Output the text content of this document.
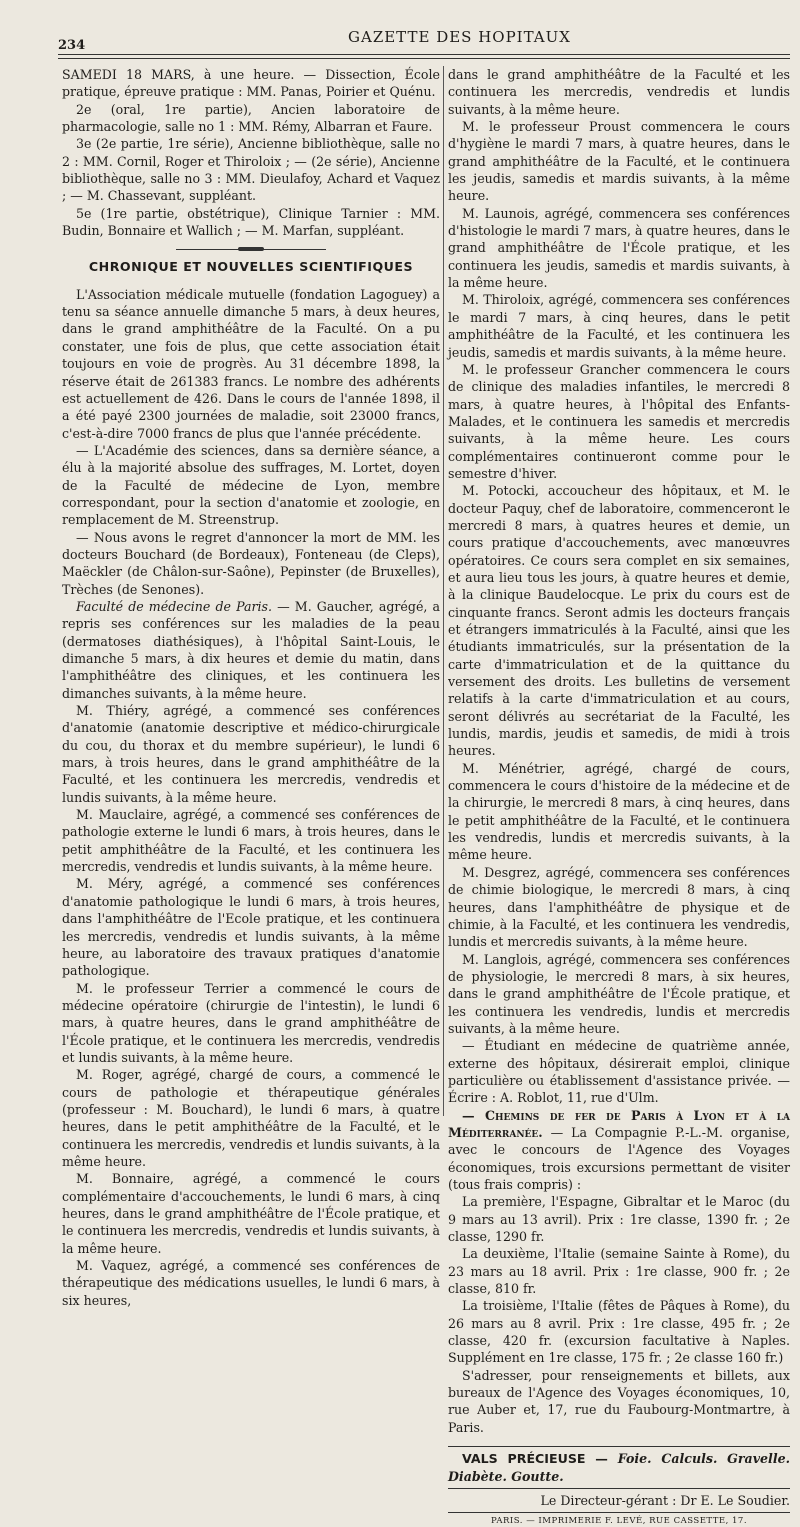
234	GAZETTE DES HOPITAUX

SAMEDI 18 MARS, à une heure. — Dissection, École pratique, épreuve pratique : MM. Panas, Poirier et Quénu.

2e (oral, 1re partie), Ancien laboratoire de pharmacologie, salle no 1 : MM. Rémy, Albarran et Faure.

3e (2e partie, 1re série), Ancienne bibliothèque, salle no 2 : MM. Cornil, Roger et Thiroloix ; — (2e série), Ancienne bibliothèque, salle no 3 : MM. Dieulafoy, Achard et Vaquez ; — M. Chassevant, suppléant.

5e (1re partie, obstétrique), Clinique Tarnier : MM. Budin, Bonnaire et Wallich ; — M. Marfan, suppléant.

CHRONIQUE ET NOUVELLES SCIENTIFIQUES

L'Association médicale mutuelle (fondation Lagoguey) a tenu sa séance annuelle dimanche 5 mars, à deux heures, dans le grand amphithéâtre de la Faculté. On a pu constater, une fois de plus, que cette association était toujours en voie de progrès. Au 31 décembre 1898, la réserve était de 261383 francs. Le nombre des adhérents est actuellement de 426. Dans le cours de l'année 1898, il a été payé 2300 journées de maladie, soit 23000 francs, c'est-à-dire 7000 francs de plus que l'année précédente.

— L'Académie des sciences, dans sa dernière séance, a élu à la majorité absolue des suffrages, M. Lortet, doyen de la Faculté de médecine de Lyon, membre correspondant, pour la section d'anatomie et zoologie, en remplacement de M. Streenstrup.

— Nous avons le regret d'annoncer la mort de MM. les docteurs Bouchard (de Bordeaux), Fonteneau (de Cleps), Maëckler (de Châlon-sur-Saône), Pepinster (de Bruxelles), Trèches (de Senones).

Faculté de médecine de Paris. — M. Gaucher, agrégé, a repris ses conférences sur les maladies de la peau (dermatoses diathésiques), à l'hôpital Saint-Louis, le dimanche 5 mars, à dix heures et demie du matin, dans l'amphithéâtre des cliniques, et les continuera les dimanches suivants, à la même heure.

M. Thiéry, agrégé, a commencé ses conférences d'anatomie (anatomie descriptive et médico-chirurgicale du cou, du thorax et du membre supérieur), le lundi 6 mars, à trois heures, dans le grand amphithéâtre de la Faculté, et les continuera les mercredis, vendredis et lundis suivants, à la même heure.

M. Mauclaire, agrégé, a commencé ses conférences de pathologie externe le lundi 6 mars, à trois heures, dans le petit amphithéâtre de la Faculté, et les continuera les mercredis, vendredis et lundis suivants, à la même heure.

M. Méry, agrégé, a commencé ses conférences d'anatomie pathologique le lundi 6 mars, à trois heures, dans l'amphithéâtre de l'Ecole pratique, et les continuera les mercredis, vendredis et lundis suivants, à la même heure, au laboratoire des travaux pratiques d'anatomie pathologique.

M. le professeur Terrier a commencé le cours de médecine opératoire (chirurgie de l'intestin), le lundi 6 mars, à quatre heures, dans le grand amphithéâtre de l'École pratique, et le continuera les mercredis, vendredis et lundis suivants, à la même heure.

M. Roger, agrégé, chargé de cours, a commencé le cours de pathologie et thérapeutique générales (professeur : M. Bouchard), le lundi 6 mars, à quatre heures, dans le petit amphithéâtre de la Faculté, et le continuera les mercredis, vendredis et lundis suivants, à la même heure.

M. Bonnaire, agrégé, a commencé le cours complémentaire d'accouchements, le lundi 6 mars, à cinq heures, dans le grand amphithéâtre de l'École pratique, et le continuera les mercredis, vendredis et lundis suivants, à la même heure.

M. Vaquez, agrégé, a commencé ses conférences de thérapeutique des médications usuelles, le lundi 6 mars, à six heures,

dans le grand amphithéâtre de la Faculté et les continuera les mercredis, vendredis et lundis suivants, à la même heure.

M. le professeur Proust commencera le cours d'hygiène le mardi 7 mars, à quatre heures, dans le grand amphithéâtre de la Faculté, et le continuera les jeudis, samedis et mardis suivants, à la même heure.

M. Launois, agrégé, commencera ses conférences d'histologie le mardi 7 mars, à quatre heures, dans le grand amphithéâtre de l'École pratique, et les continuera les jeudis, samedis et mardis suivants, à la même heure.

M. Thiroloix, agrégé, commencera ses conférences le mardi 7 mars, à cinq heures, dans le petit amphithéâtre de la Faculté, et les continuera les jeudis, samedis et mardis suivants, à la même heure.

M. le professeur Grancher commencera le cours de clinique des maladies infantiles, le mercredi 8 mars, à quatre heures, à l'hôpital des Enfants-Malades, et le continuera les samedis et mercredis suivants, à la même heure. Les cours complémentaires continueront comme pour le semestre d'hiver.

M. Potocki, accoucheur des hôpitaux, et M. le docteur Paquy, chef de laboratoire, commenceront le mercredi 8 mars, à quatres heures et demie, un cours pratique d'accouchements, avec manœuvres opératoires. Ce cours sera complet en six semaines, et aura lieu tous les jours, à quatre heures et demie, à la clinique Baudelocque. Le prix du cours est de cinquante francs. Seront admis les docteurs français et étrangers immatriculés à la Faculté, ainsi que les étudiants immatriculés, sur la présentation de la carte d'immatriculation et de la quittance du versement des droits. Les bulletins de versement relatifs à la carte d'immatriculation et au cours, seront délivrés au secrétariat de la Faculté, les lundis, mardis, jeudis et samedis, de midi à trois heures.

M. Ménétrier, agrégé, chargé de cours, commencera le cours d'histoire de la médecine et de la chirurgie, le mercredi 8 mars, à cinq heures, dans le petit amphithéâtre de la Faculté, et le continuera les vendredis, lundis et mercredis suivants, à la même heure.

M. Desgrez, agrégé, commencera ses conférences de chimie biologique, le mercredi 8 mars, à cinq heures, dans l'amphithéâtre de physique et de chimie, à la Faculté, et les continuera les vendredis, lundis et mercredis suivants, à la même heure.

M. Langlois, agrégé, commencera ses conférences de physiologie, le mercredi 8 mars, à six heures, dans le grand amphithéâtre de l'École pratique, et les continuera les vendredis, lundis et mercredis suivants, à la même heure.

— Étudiant en médecine de quatrième année, externe des hôpitaux, désirerait emploi, clinique particulière ou établissement d'assistance privée. — Écrire : A. Roblot, 11, rue d'Ulm.

— Chemins de fer de Paris à Lyon et à la Méditerranée. — La Compagnie P.-L.-M. organise, avec le concours de l'Agence des Voyages économiques, trois excursions permettant de visiter (tous frais compris) :

La première, l'Espagne, Gibraltar et le Maroc (du 9 mars au 13 avril). Prix : 1re classe, 1390 fr. ; 2e classe, 1290 fr.

La deuxième, l'Italie (semaine Sainte à Rome), du 23 mars au 18 avril. Prix : 1re classe, 900 fr. ; 2e classe, 810 fr.

La troisième, l'Italie (fêtes de Pâques à Rome), du 26 mars au 8 avril. Prix : 1re classe, 495 fr. ; 2e classe, 420 fr. (excursion facultative à Naples. Supplément en 1re classe, 175 fr. ; 2e classe 160 fr.)

S'adresser, pour renseignements et billets, aux bureaux de l'Agence des Voyages économiques, 10, rue Auber et, 17, rue du Faubourg-Montmartre, à Paris.

VALS PRÉCIEUSE — Foie. Calculs. Gravelle. Diabète. Goutte.

Le Directeur-gérant : Dr E. Le Soudier.

PARIS. — IMPRIMERIE F. LEVÉ, RUE CASSETTE, 17.
